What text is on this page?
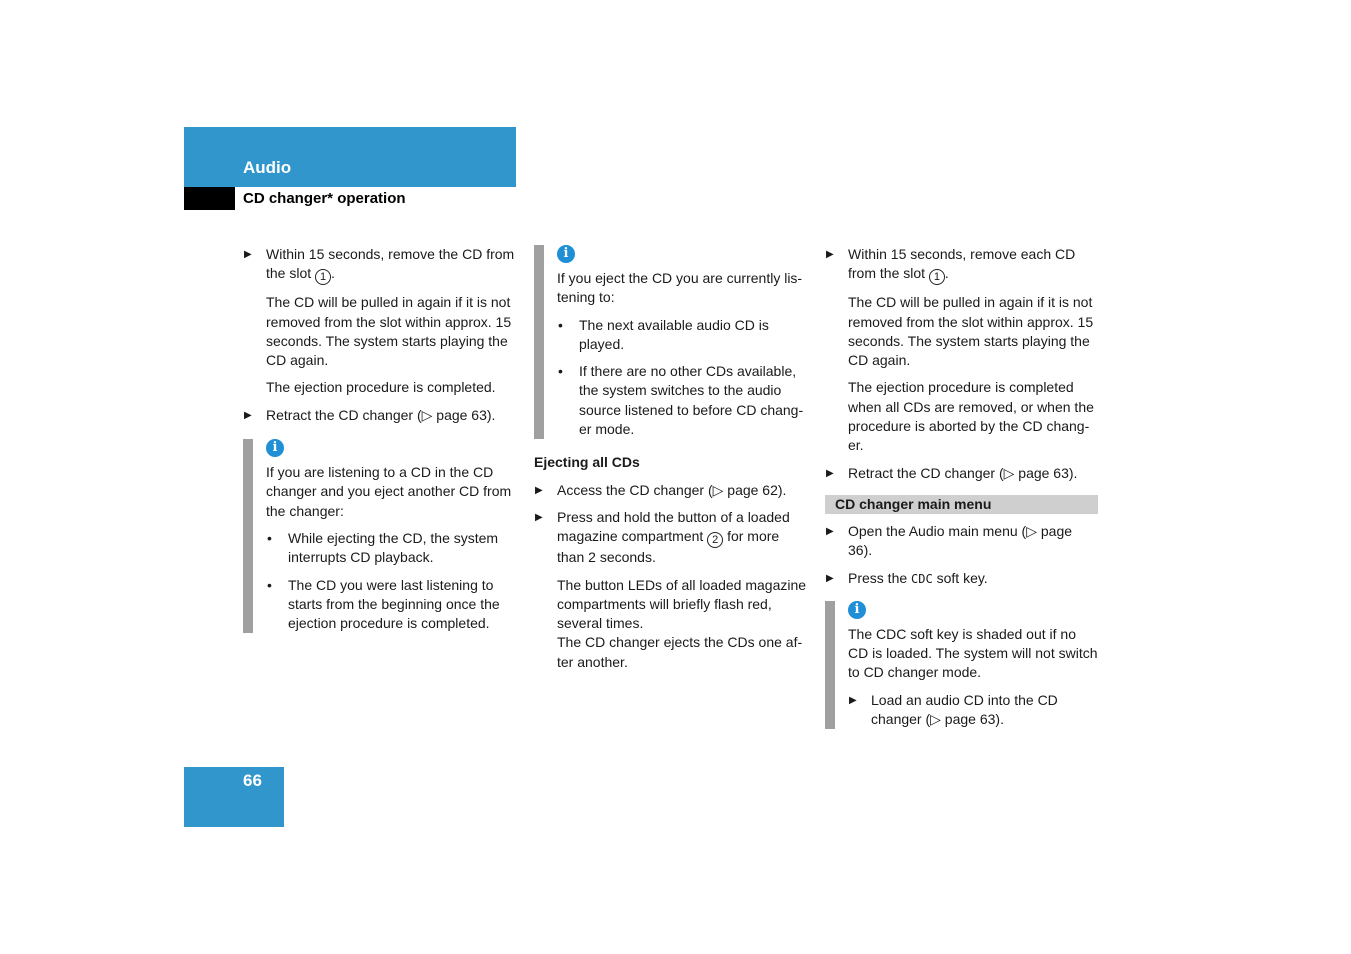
Audio
CD changer* operation
▶ Within 15 seconds, remove the CD from the slot 1 .
The CD will be pulled in again if it is not removed from the slot within approx. 15 seconds. The system starts playing the CD again.
The ejection procedure is completed.
▶ Retract the CD changer (▷ page 63).
i
If you are listening to a CD in the CD changer and you eject another CD from the changer:
• While ejecting the CD, the system interrupts CD playback.
• The CD you were last listening to starts from the beginning once the ejection procedure is completed.
i
If you eject the CD you are currently lis-tening to:
• The next available audio CD is played.
• If there are no other CDs available, the system switches to the audio source listened to before CD chang-er mode.
Ejecting all CDs
▶ Access the CD changer (▷ page 62).
▶ Press and hold the button of a loaded magazine compartment 2 for more than 2 seconds.
The button LEDs of all loaded magazine compartments will briefly flash red, several times.
The CD changer ejects the CDs one af-ter another.
▶ Within 15 seconds, remove each CD from the slot 1 .
The CD will be pulled in again if it is not removed from the slot within approx. 15 seconds. The system starts playing the CD again.
The ejection procedure is completed when all CDs are removed, or when the procedure is aborted by the CD chang-er.
▶ Retract the CD changer (▷ page 63).
CD changer main menu
▶ Open the Audio main menu (▷ page 36).
▶ Press the CDC soft key.
i
The CDC soft key is shaded out if no CD is loaded. The system will not switch to CD changer mode.
▶ Load an audio CD into the CD changer (▷ page 63).
66
